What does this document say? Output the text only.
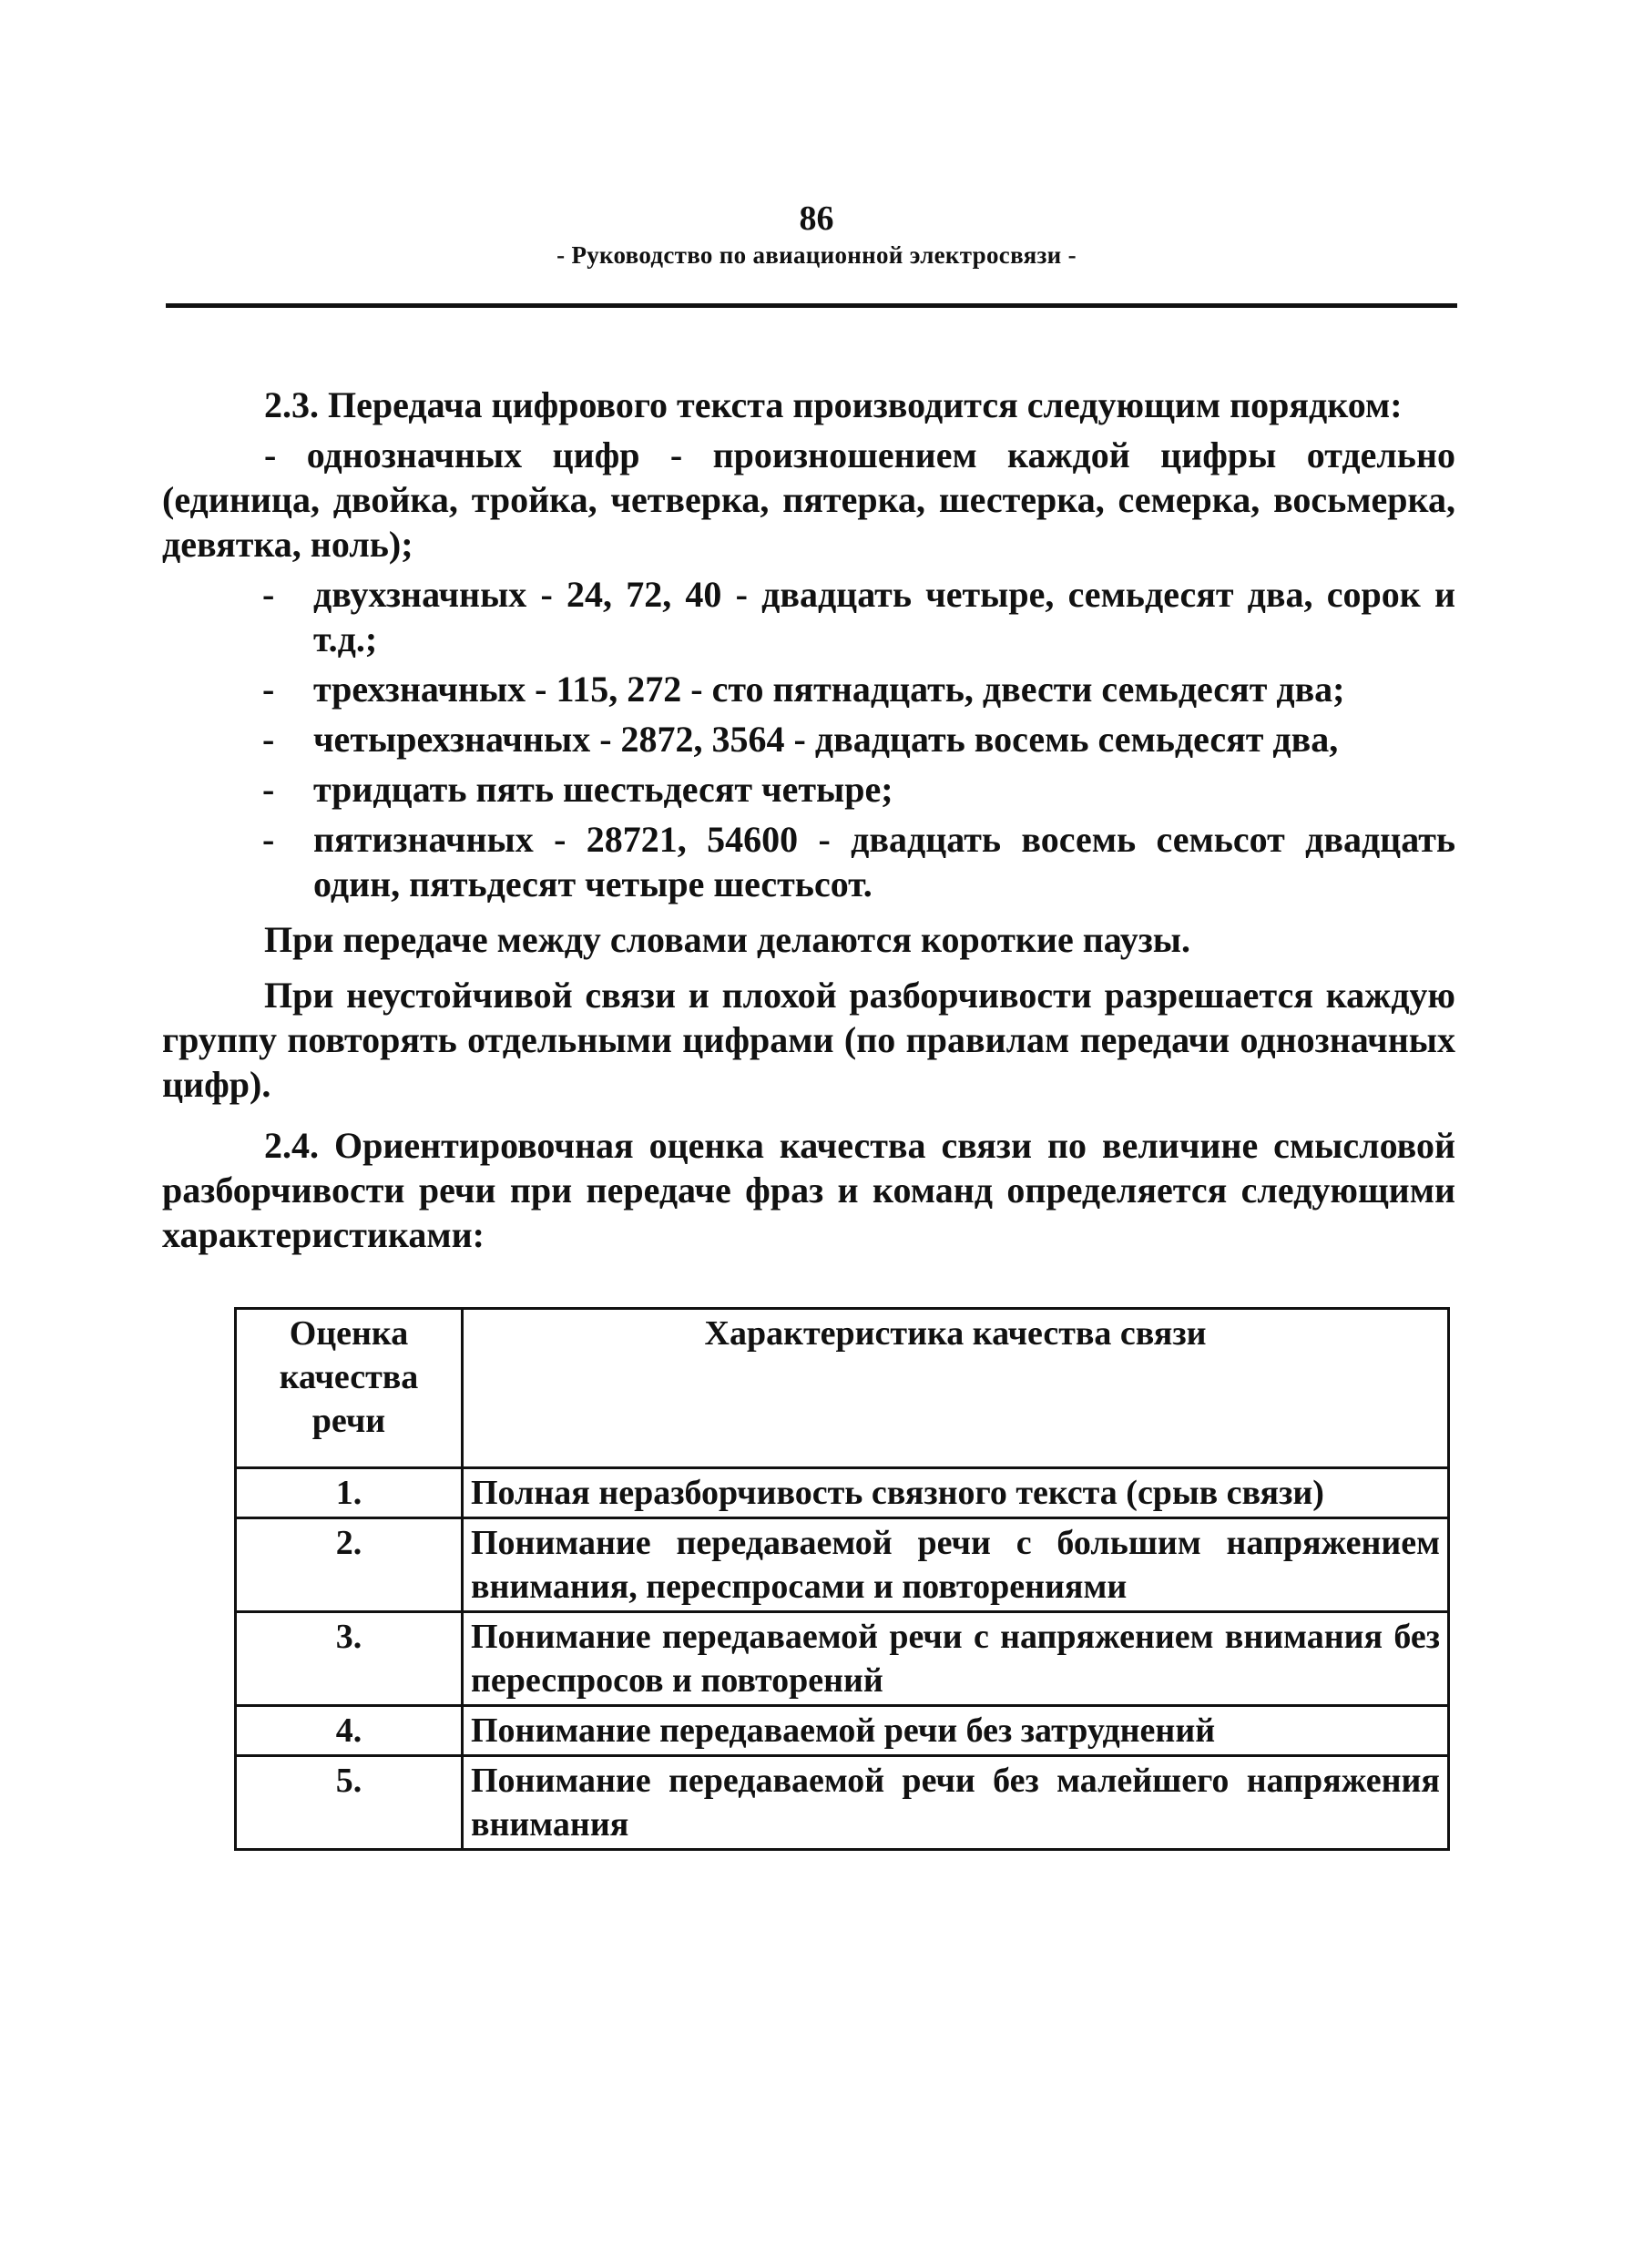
86
- Руководство по авиационной электросвязи -

2.3. Передача цифрового текста производится следующим порядком:

- однозначных цифр - произношением каждой цифры отдельно (единица, двойка, тройка, четверка, пятерка, шестерка, семерка, восьмерка, девятка, ноль);

-	двухзначных - 24, 72, 40 - двадцать четыре, семьдесят два, сорок и т.д.;

-	трехзначных - 115, 272 - сто пятнадцать, двести семьдесят два;

-	четырехзначных - 2872, 3564 - двадцать восемь семьдесят два,

-	тридцать пять шестьдесят четыре;

-	пятизначных - 28721, 54600 - двадцать восемь семьсот двадцать один, пятьдесят четыре шестьсот.

При передаче между словами делаются короткие паузы.

При неустойчивой связи и плохой разборчивости разрешается каждую группу повторять отдельными цифрами (по правилам передачи однозначных цифр).

2.4. Ориентировочная оценка качества связи по величине смысловой разборчивости речи при передаче фраз и команд определяется следующими характеристиками:

Оценка качества речи	Характеристика качества связи
1.	Полная неразборчивость связного текста (срыв связи)
2.	Понимание передаваемой речи с большим напряжением внимания, переспросами и повторениями
3.	Понимание передаваемой речи с напряжением внимания без переспросов и повторений
4.	Понимание передаваемой речи без затруднений
5.	Понимание передаваемой речи без малейшего напряжения внимания
